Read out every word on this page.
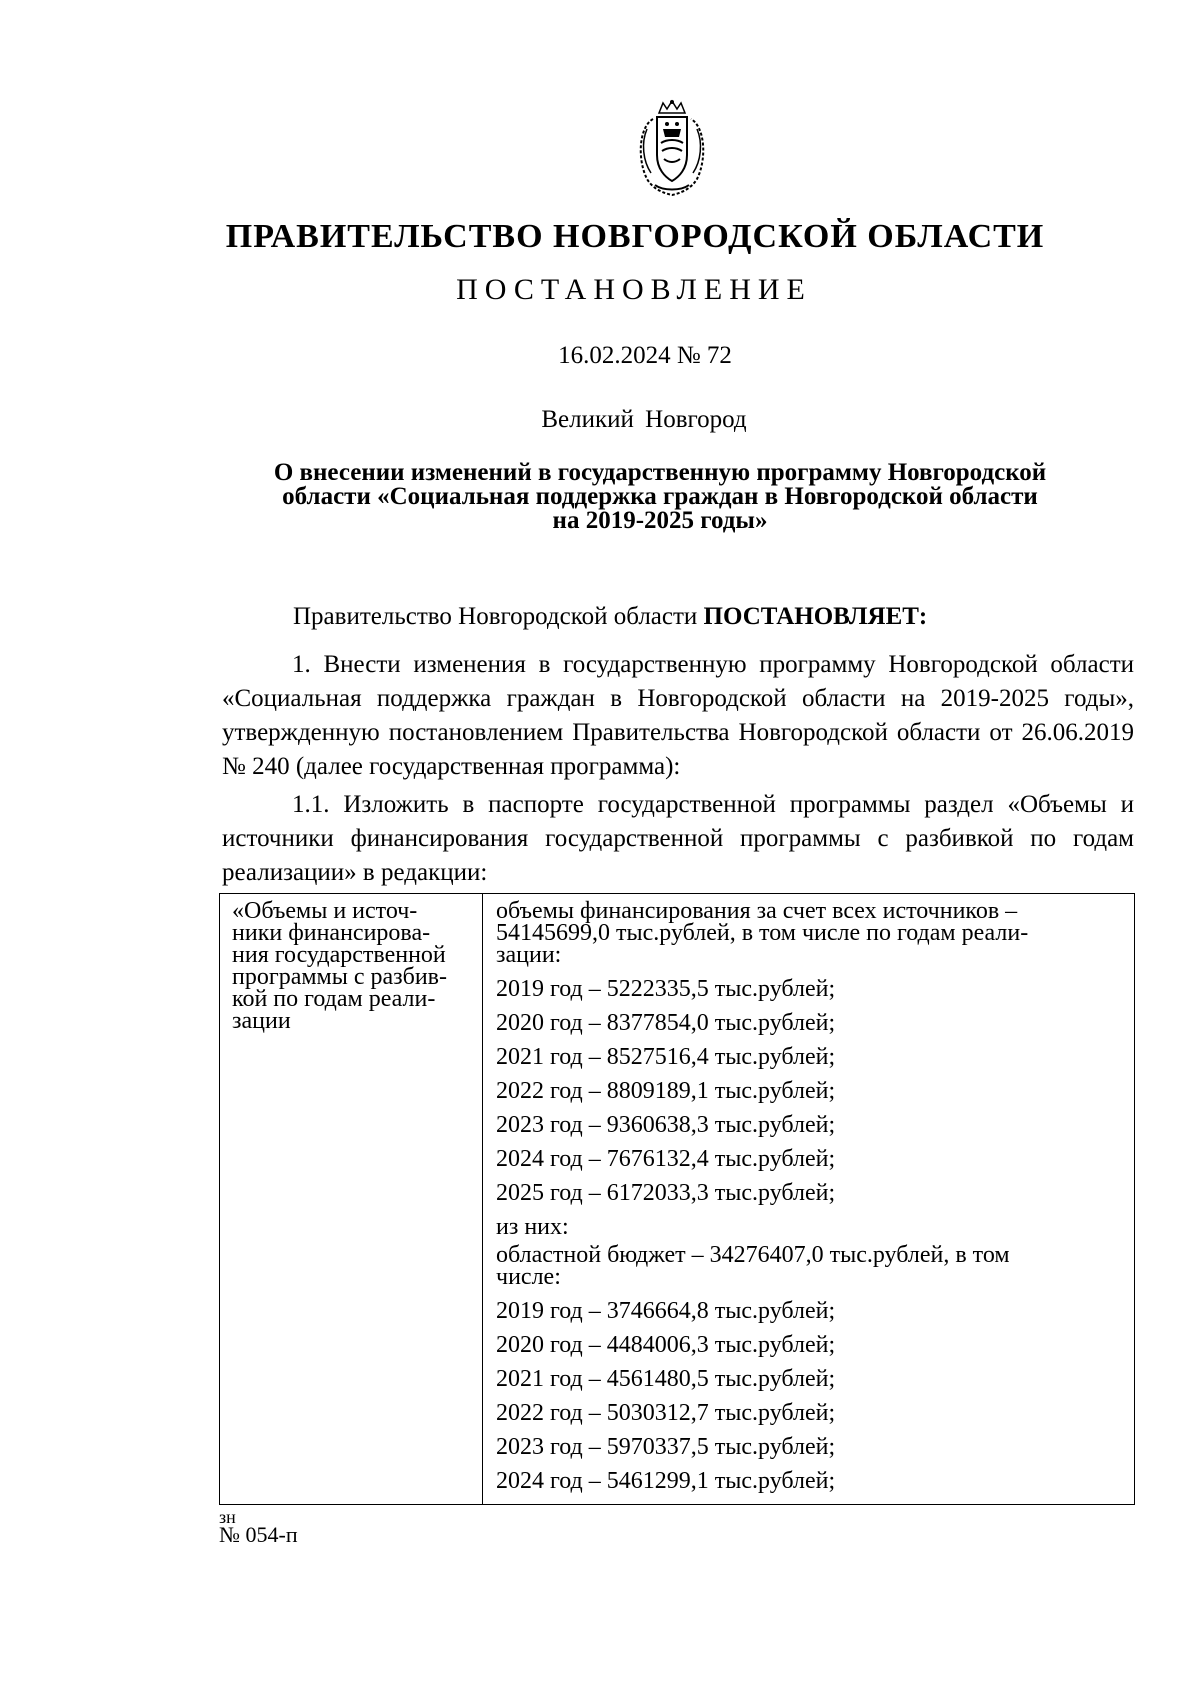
ПРАВИТЕЛЬСТВО НОВГОРОДСКОЙ ОБЛАСТИ
ПОСТАНОВЛЕНИЕ
16.02.2024 № 72
Великий Новгород
О внесении изменений в государственную программу Новгородской
области «Социальная поддержка граждан в Новгородской области
на 2019-2025 годы»
Правительство Новгородской области ПОСТАНОВЛЯЕТ:
1. Внести изменения в государственную программу Новгородской области «Социальная поддержка граждан в Новгородской области на 2019-2025 годы», утвержденную постановлением Правительства Новгородской области от 26.06.2019 № 240 (далее государственная программа):
1.1. Изложить в паспорте государственной программы раздел «Объемы и источники финансирования государственной программы с разбивкой по годам реализации» в редакции:
«Объемы и источ-
ники финансирова-
ния государственной
программы с разбив-
кой по годам реали-
зации
объемы финансирования за счет всех источников –
54145699,0 тыс.рублей, в том числе по годам реали-
зации:
2019 год – 5222335,5 тыс.рублей;
2020 год – 8377854,0 тыс.рублей;
2021 год – 8527516,4 тыс.рублей;
2022 год – 8809189,1 тыс.рублей;
2023 год – 9360638,3 тыс.рублей;
2024 год – 7676132,4 тыс.рублей;
2025 год – 6172033,3 тыс.рублей;
из них:
областной бюджет – 34276407,0 тыс.рублей, в том
числе:
2019 год – 3746664,8 тыс.рублей;
2020 год – 4484006,3 тыс.рублей;
2021 год – 4561480,5 тыс.рублей;
2022 год – 5030312,7 тыс.рублей;
2023 год – 5970337,5 тыс.рублей;
2024 год – 5461299,1 тыс.рублей;
зн
№ 054-п
